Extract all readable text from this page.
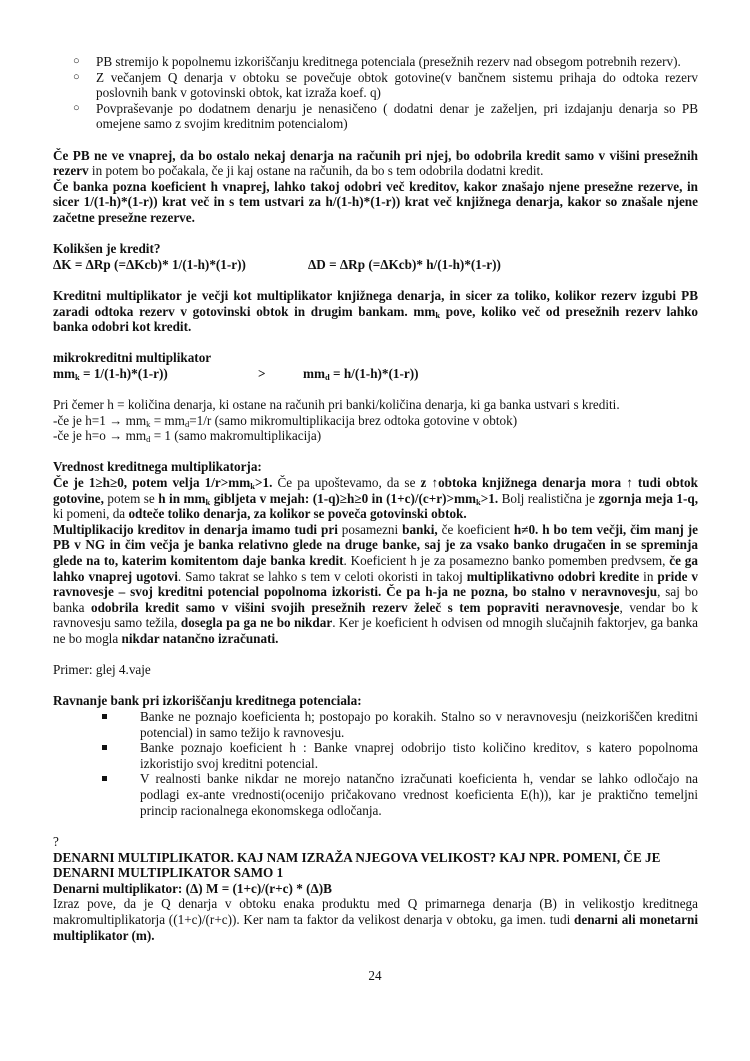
○ PB stremijo k popolnemu izkoriščanju kreditnega potenciala (presežnih rezerv nad obsegom potrebnih rezerv).
○ Z večanjem Q denarja v obtoku se povečuje obtok gotovine(v bančnem sistemu prihaja do odtoka rezerv poslovnih bank v gotovinski obtok, kat izraža koef. q)
○ Povpraševanje po dodatnem denarju je nenasičeno ( dodatni denar je zaželjen, pri izdajanju denarja so PB omejene samo z svojim kreditnim potencialom)

Če PB ne ve vnaprej, da bo ostalo nekaj denarja na računih pri njej, bo odobrila kredit samo v višini presežnih rezerv in potem bo počakala, če ji kaj ostane na računih, da bo s tem odobrila dodatni kredit.

Če banka pozna koeficient h vnaprej, lahko takoj odobri več kreditov, kakor znašajo njene presežne rezerve, in sicer 1/(1-h)*(1-r)) krat več in s tem ustvari za h/(1-h)*(1-r)) krat več knjižnega denarja, kakor so znašale njene začetne presežne rezerve.

Kolikšen je kredit?

ΔK = ΔRp (=ΔKcb)* 1/(1-h)*(1-r))	ΔD = ΔRp (=ΔKcb)* h/(1-h)*(1-r))

Kreditni multiplikator je večji kot multiplikator knjižnega denarja, in sicer za toliko, kolikor rezerv izgubi PB zaradi odtoka rezerv v gotovinski obtok in drugim bankam. $mm_k$ pove, koliko več od presežnih rezerv lahko banka odobri kot kredit.

mikrokreditni multiplikator

$mm_k = 1/(1-h)*(1-r)$)	>	$mm_d = h/(1-h)*(1-r)$)

Pri čemer h = količina denarja, ki ostane na računih pri banki/količina denarja, ki ga banka ustvari s krediti.

-če je $h=1 \to mm_k = mm_d=1/r$ (samo mikromultiplikacija brez odtoka gotovine v obtok)

-če je $h=o \to mm_d = 1$ (samo makromultiplikacija)

Vrednost kreditnega multiplikatorja:

Če je 1≥h≥0, potem velja $1/r>mm_k>1$. Če pa upoštevamo, da se z ↑obtoka knjižnega denarja mora ↑ tudi obtok gotovine, potem se h in $mm_k$ gibljeta v mejah: (1-q)≥h≥0 in $(1+c)/(c+r)>mm_k>1$. Bolj realistična je zgornja meja 1-q, ki pomeni, da odteče toliko denarja, za kolikor se poveča gotovinski obtok.

Multiplikacijo kreditov in denarja imamo tudi pri posamezni banki, če koeficient h≠0. h bo tem večji, čim manj je PB v NG in čim večja je banka relativno glede na druge banke, saj je za vsako banko drugačen in se spreminja glede na to, katerim komitentom daje banka kredit. Koeficient h je za posamezno banko pomemben predvsem, če ga lahko vnaprej ugotovi. Samo takrat se lahko s tem v celoti okoristi in takoj multiplikativno odobri kredite in pride v ravnovesje – svoj kreditni potencial popolnoma izkoristi. Če pa h-ja ne pozna, bo stalno v neravnovesju, saj bo banka odobrila kredit samo v višini svojih presežnih rezerv želeč s tem popraviti neravnovesje, vendar bo k ravnovesju samo težila, dosegla pa ga ne bo nikdar. Ker je koeficient h odvisen od mnogih slučajnih faktorjev, ga banka ne bo mogla nikdar natančno izračunati.

Primer: glej 4.vaje

Ravnanje bank pri izkoriščanju kreditnega potenciala:

Banke ne poznajo koeficienta h; postopajo po korakih. Stalno so v neravnovesju (neizkoriščen kreditni potencial) in samo težijo k ravnovesju.
Banke poznajo koeficient h : Banke vnaprej odobrijo tisto količino kreditov, s katero popolnoma izkoristijo svoj kreditni potencial.
V realnosti banke nikdar ne morejo natančno izračunati koeficienta h, vendar se lahko odločajo na podlagi ex-ante vrednosti(ocenijo pričakovano vrednost koeficienta E(h)), kar je praktično temeljni princip racionalnega ekonomskega odločanja.

?

DENARNI MULTIPLIKATOR. KAJ NAM IZRAŽA NJEGOVA VELIKOST? KAJ NPR. POMENI, ČE JE DENARNI MULTIPLIKATOR SAMO 1

Denarni multiplikator: (Δ) M = (1+c)/(r+c) * (Δ)B

Izraz pove, da je Q denarja v obtoku enaka produktu med Q primarnega denarja (B) in velikostjo kreditnega makromultiplikatorja ((1+c)/(r+c)). Ker nam ta faktor da velikost denarja v obtoku, ga imen. tudi denarni ali monetarni multiplikator (m).

24
